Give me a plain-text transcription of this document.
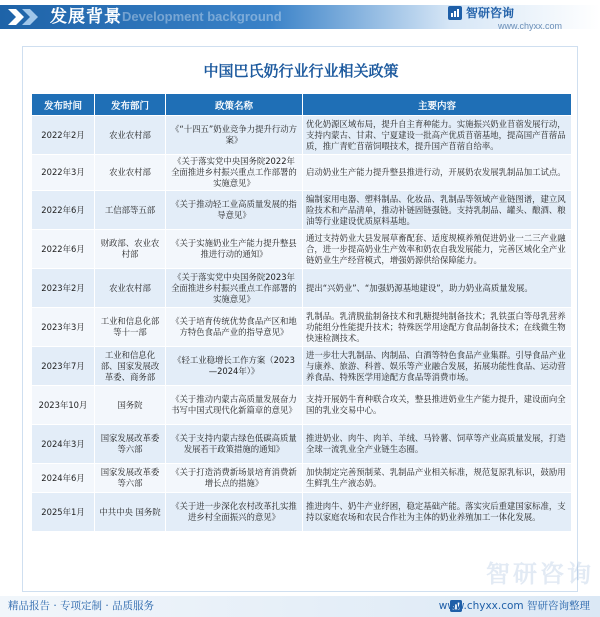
发展背景 Development background	智研咨询
www.chyxx.com
中国巴氏奶行业行业相关政策
发布时间	发布部门	政策名称	主要内容
2022年2月	农业农村部	《“十四五”奶业竞争力提升行动方案》	优化奶源区域布局，提升自主育种能力。实施振兴奶业苜蓿发展行动，支持内蒙古、甘肃、宁夏建设一批高产优质苜蓿基地，提高国产苜蓿品质，推广青贮苜蓿饲喂技术，提升国产苜蓿自给率。
2022年3月	农业农村部	《关于落实党中央国务院2022年全面推进乡村振兴重点工作部署的实施意见》	启动奶业生产能力提升整县推进行动，开展奶农发展乳制品加工试点。
2022年6月	工信部等五部	《关于推动轻工业高质量发展的指导意见》	编制家用电器、塑料制品、化妆品、乳制品等领域产业链图谱，建立风险技术和产品清单，推动补链固链强链。支持乳制品、罐头、酿酒、粮油等行业建设优质原料基地。
2022年6月	财政部、农业农村部	《关于实施奶业生产能力提升整县推进行动的通知》	通过支持奶业大县发展草畜配套、适度规模养殖促进奶业一二三产业融合，进一步提高奶业生产效率和奶农自我发展能力，完善区域化全产业链奶业生产经营模式，增强奶源供给保障能力。
2023年2月	农业农村部	《关于落实党中央国务院2023年全面推进乡村振兴重点工作部署的实施意见》	提出“兴奶业”、“加强奶源基地建设”，助力奶业高质量发展。
2023年3月	工业和信息化部等十一部	《关于培育传统优势食品产区和地方特色食品产业的指导意见》	乳制品。乳清脱盐制备技术和乳糖提纯制备技术；乳铁蛋白等母乳营养功能组分性能提升技术；特殊医学用途配方食品制备技术；在线微生物快速检测技术。
2023年7月	工业和信息化部、国家发展改革委、商务部	《轻工业稳增长工作方案（2023—2024年）》	进一步壮大乳制品、肉制品、白酒等特色食品产业集群。引导食品产业与康养、旅游、科普、娱乐等产业融合发展，拓展功能性食品、运动营养食品、特殊医学用途配方食品等消费市场。
2023年10月	国务院	《关于推动内蒙古高质量发展奋力书写中国式现代化新篇章的意见》	支持开展奶牛育种联合攻关，整县推进奶业生产能力提升，建设面向全国的乳业交易中心。
2024年3月	国家发展改革委等六部	《关于支持内蒙古绿色低碳高质量发展若干政策措施的通知》	推进奶业、肉牛、肉羊、羊绒、马铃薯、饲草等产业高质量发展，打造全球一流乳业全产业链生态圈。
2024年6月	国家发展改革委等六部	《关于打造消费新场景培育消费新增长点的措施》	加快制定完善预制菜、乳制品产业相关标准，规范复原乳标识，鼓励用生鲜乳生产液态奶。
2025年1月	中共中央 国务院	《关于进一步深化农村改革扎实推进乡村全面振兴的意见》	推进肉牛、奶牛产业纾困，稳定基础产能。落实灾后重建国家标准，支持以家庭农场和农民合作社为主体的奶业养殖加工一体化发展。
智研咨询
精品报告 · 专项定制 · 品质服务	www.chyxx.com 智研咨询整理
